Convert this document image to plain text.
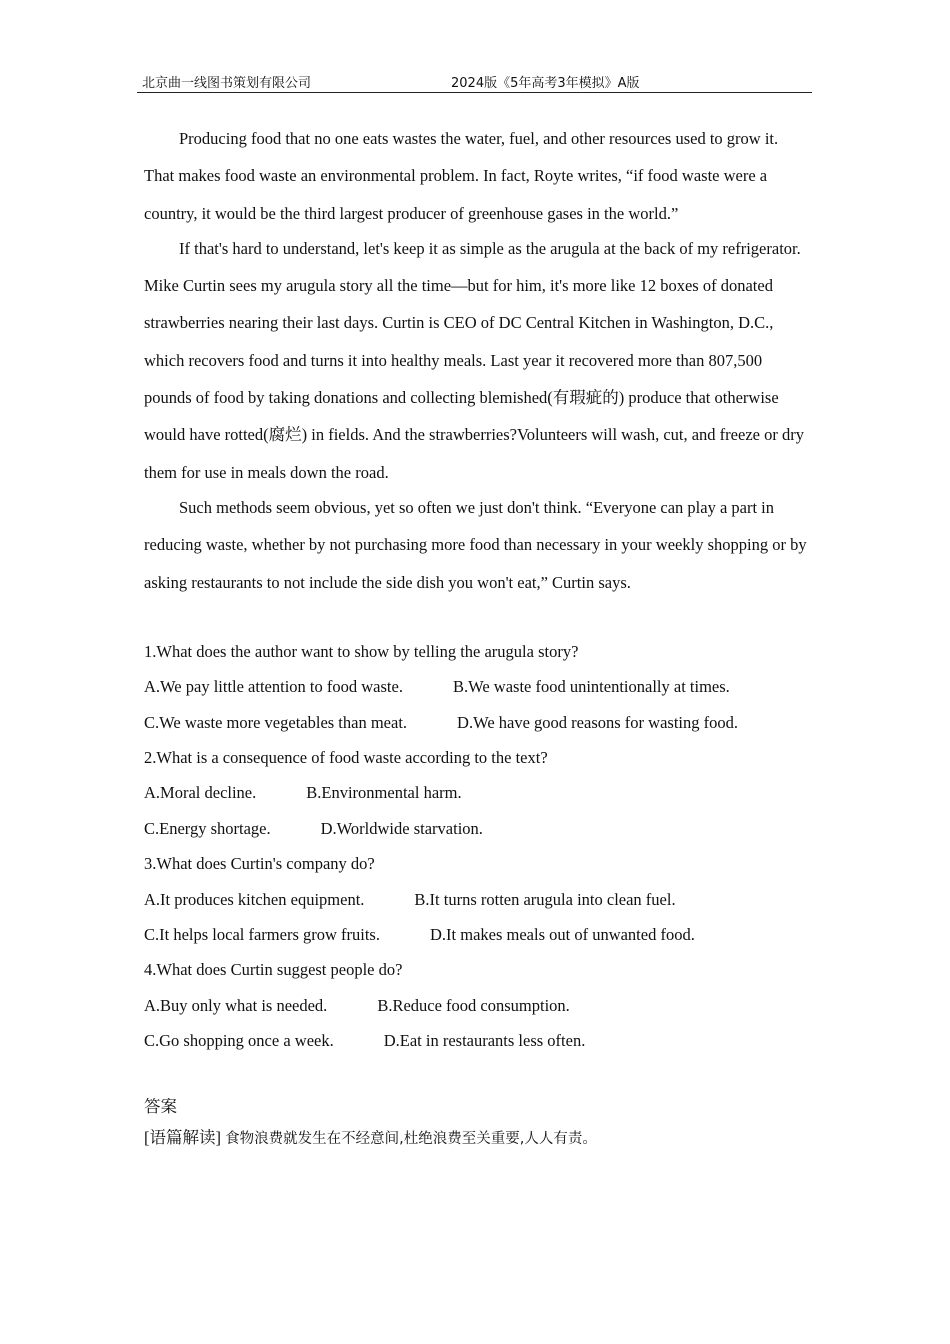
北京曲一线图书策划有限公司	2024版《5年高考3年模拟》A版

Producing food that no one eats wastes the water, fuel, and other resources used to grow it. That makes food waste an environmental problem. In fact, Royte writes, “if food waste were a country, it would be the third largest producer of greenhouse gases in the world.”

If that's hard to understand, let's keep it as simple as the arugula at the back of my refrigerator. Mike Curtin sees my arugula story all the time—but for him, it's more like 12 boxes of donated strawberries nearing their last days. Curtin is CEO of DC Central Kitchen in Washington, D.C., which recovers food and turns it into healthy meals. Last year it recovered more than 807,500 pounds of food by taking donations and collecting blemished(有瑕疵的) produce that otherwise would have rotted(腐烂) in fields. And the strawberries?Volunteers will wash, cut, and freeze or dry them for use in meals down the road.

Such methods seem obvious, yet so often we just don't think. “Everyone can play a part in reducing waste, whether by not purchasing more food than necessary in your weekly shopping or by asking restaurants to not include the side dish you won't eat,” Curtin says.

1.What does the author want to show by telling the arugula story?
A.We pay little attention to food waste.	B.We waste food unintentionally at times.
C.We waste more vegetables than meat.	D.We have good reasons for wasting food.
2.What is a consequence of food waste according to the text?
A.Moral decline.	B.Environmental harm.
C.Energy shortage.	D.Worldwide starvation.
3.What does Curtin's company do?
A.It produces kitchen equipment.	B.It turns rotten arugula into clean fuel.
C.It helps local farmers grow fruits.	D.It makes meals out of unwanted food.
4.What does Curtin suggest people do?
A.Buy only what is needed.	B.Reduce food consumption.
C.Go shopping once a week.	D.Eat in restaurants less often.
答案
[语篇解读] 食物浪费就发生在不经意间,杜绝浪费至关重要,人人有责。
